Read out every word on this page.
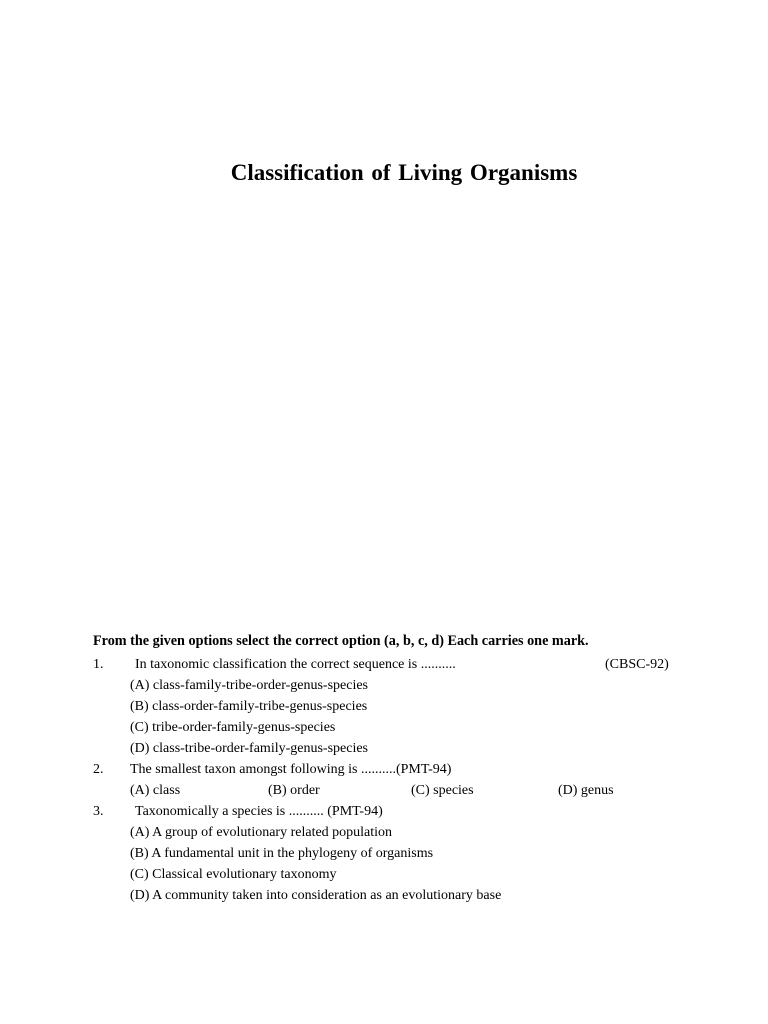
Classification of Living Organisms

From the given options select the correct option (a, b, c, d) Each carries one mark.

1. In taxonomic classification the correct sequence is ..........	(CBSC-92)
(A) class-family-tribe-order-genus-species
(B) class-order-family-tribe-genus-species
(C) tribe-order-family-genus-species
(D) class-tribe-order-family-genus-species
2. The smallest taxon amongst following is ..........(PMT-94)
(A) class	(B) order	(C) species	(D) genus
3. Taxonomically a species is .......... (PMT-94)
(A) A group of evolutionary related population
(B) A fundamental unit in the phylogeny of organisms
(C) Classical evolutionary taxonomy
(D) A community taken into consideration as an evolutionary base
